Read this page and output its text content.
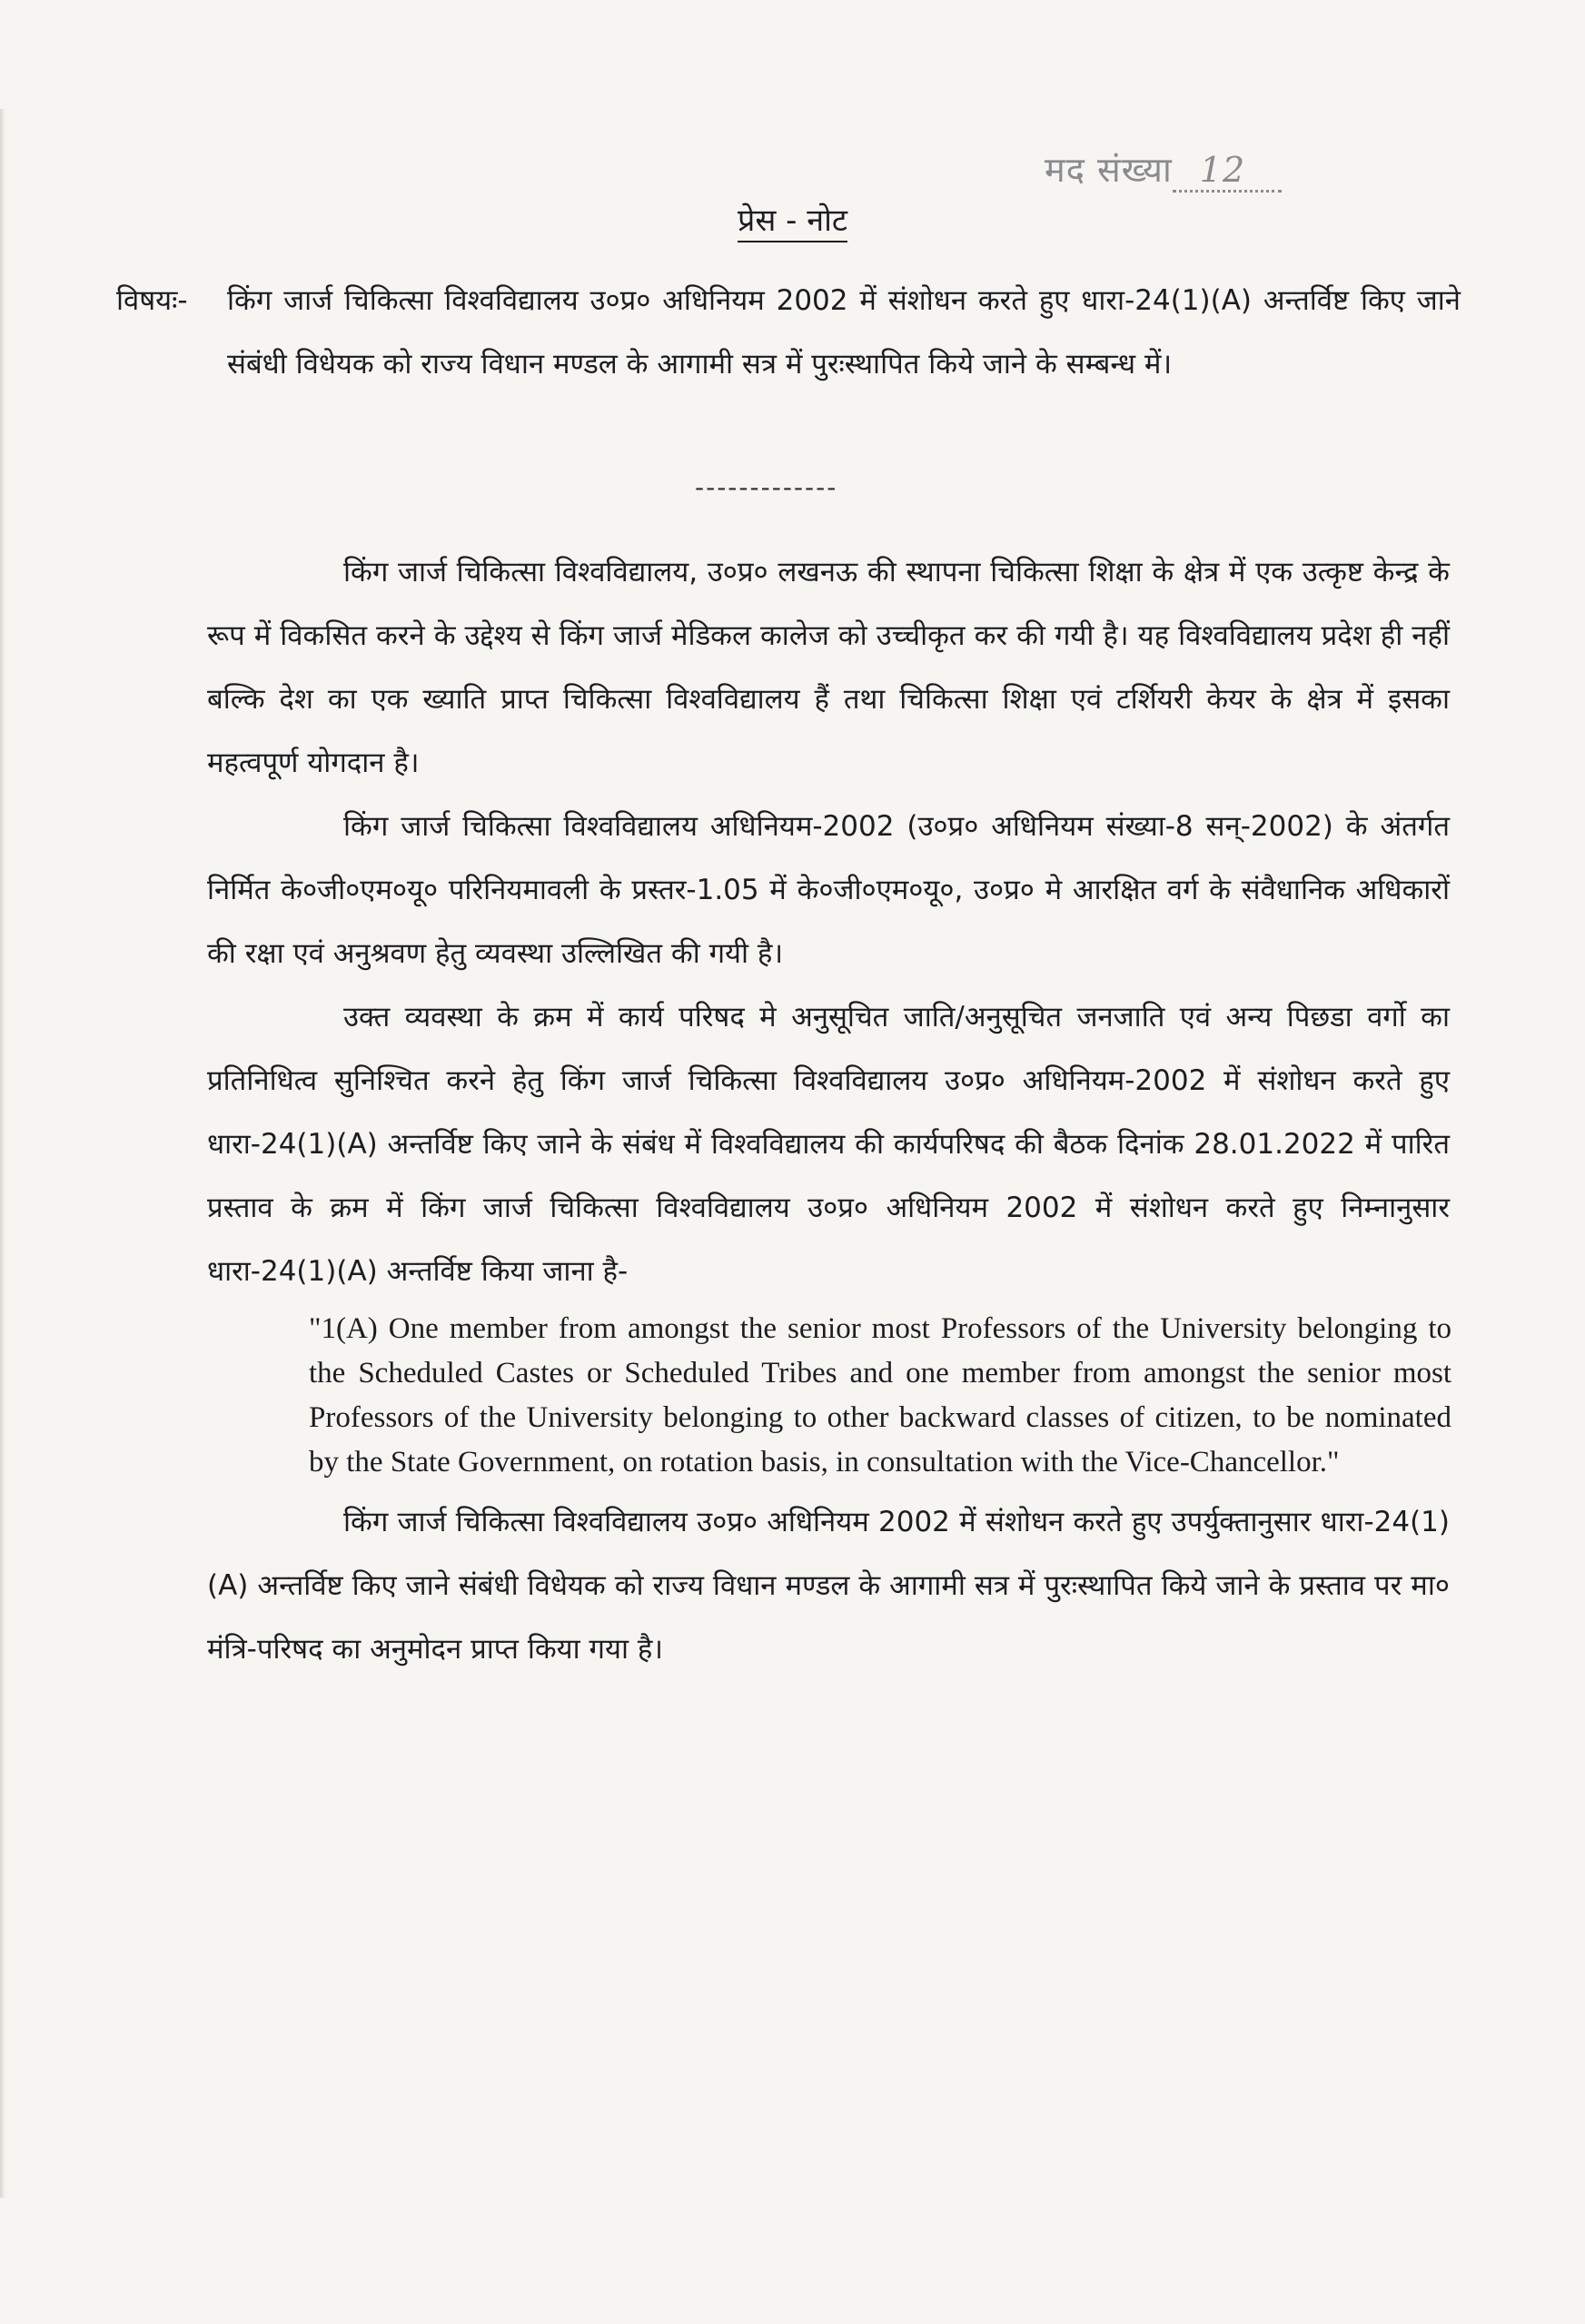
मद संख्या 12
प्रेस - नोट
विषयः- किंग जार्ज चिकित्सा विश्वविद्यालय उ०प्र० अधिनियम 2002 में संशोधन करते हुए धारा-24(1)(A) अन्तर्विष्ट किए जाने संबंधी विधेयक को राज्य विधान मण्डल के आगामी सत्र में पुरःस्थापित किये जाने के सम्बन्ध में।
-------------

किंग जार्ज चिकित्सा विश्वविद्यालय, उ०प्र० लखनऊ की स्थापना चिकित्सा शिक्षा के क्षेत्र में एक उत्कृष्ट केन्द्र के रूप में विकसित करने के उद्देश्य से किंग जार्ज मेडिकल कालेज को उच्चीकृत कर की गयी है। यह विश्वविद्यालय प्रदेश ही नहीं बल्कि देश का एक ख्याति प्राप्त चिकित्सा विश्वविद्यालय हैं तथा चिकित्सा शिक्षा एवं टर्शियरी केयर के क्षेत्र में इसका महत्वपूर्ण योगदान है।

किंग जार्ज चिकित्सा विश्वविद्यालय अधिनियम-2002 (उ०प्र० अधिनियम संख्या-8 सन्-2002) के अंतर्गत निर्मित के०जी०एम०यू० परिनियमावली के प्रस्तर-1.05 में के०जी०एम०यू०, उ०प्र० मे आरक्षित वर्ग के संवैधानिक अधिकारों की रक्षा एवं अनुश्रवण हेतु व्यवस्था उल्लिखित की गयी है।

उक्त व्यवस्था के क्रम में कार्य परिषद मे अनुसूचित जाति/अनुसूचित जनजाति एवं अन्य पिछडा वर्गो का प्रतिनिधित्व सुनिश्चित करने हेतु किंग जार्ज चिकित्सा विश्वविद्यालय उ०प्र० अधिनियम-2002 में संशोधन करते हुए धारा-24(1)(A) अन्तर्विष्ट किए जाने के संबंध में विश्वविद्यालय की कार्यपरिषद की बैठक दिनांक 28.01.2022 में पारित प्रस्ताव के क्रम में किंग जार्ज चिकित्सा विश्वविद्यालय उ०प्र० अधिनियम 2002 में संशोधन करते हुए निम्नानुसार धारा-24(1)(A) अन्तर्विष्ट किया जाना है-

"1(A) One member from amongst the senior most Professors of the University belonging to the Scheduled Castes or Scheduled Tribes and one member from amongst the senior most Professors of the University belonging to other backward classes of citizen, to be nominated by the State Government, on rotation basis, in consultation with the Vice-Chancellor."

किंग जार्ज चिकित्सा विश्वविद्यालय उ०प्र० अधिनियम 2002 में संशोधन करते हुए उपर्युक्तानुसार धारा-24(1)(A) अन्तर्विष्ट किए जाने संबंधी विधेयक को राज्य विधान मण्डल के आगामी सत्र में पुरःस्थापित किये जाने के प्रस्ताव पर मा० मंत्रि-परिषद का अनुमोदन प्राप्त किया गया है।
